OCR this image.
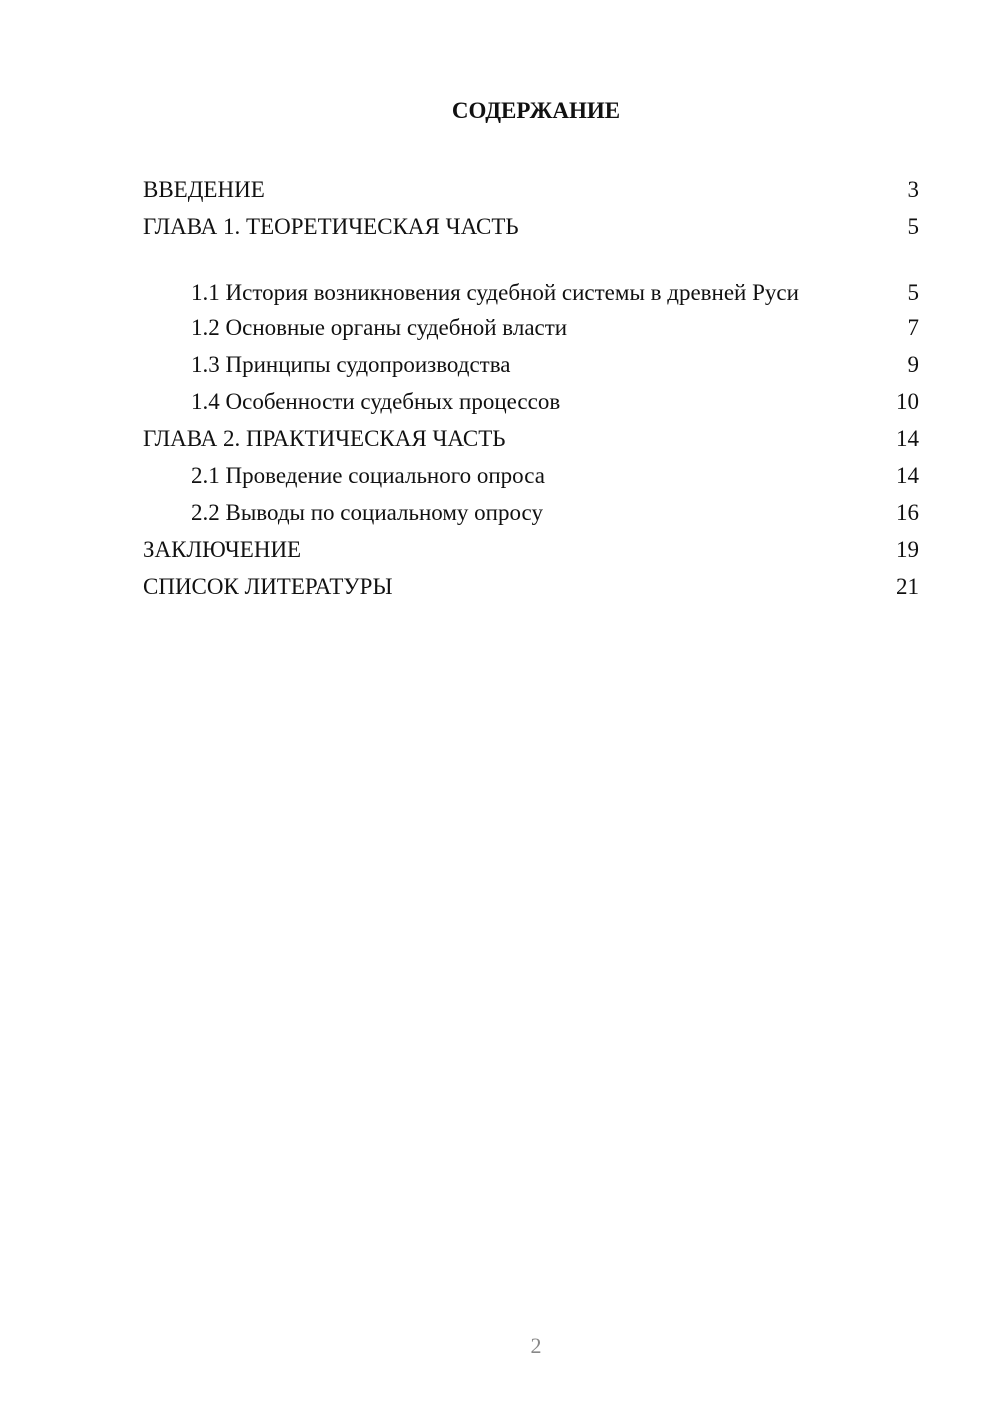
СОДЕРЖАНИЕ
ВВЕДЕНИЕ	3
ГЛАВА 1. ТЕОРЕТИЧЕСКАЯ ЧАСТЬ	5
1.1 История возникновения судебной системы в древней Руси	5
1.2 Основные органы судебной власти	7
1.3 Принципы судопроизводства	9
1.4 Особенности судебных процессов	10
ГЛАВА 2. ПРАКТИЧЕСКАЯ ЧАСТЬ	14
2.1 Проведение социального опроса	14
2.2 Выводы по социальному опросу	16
ЗАКЛЮЧЕНИЕ	19
СПИСОК ЛИТЕРАТУРЫ	21
2
